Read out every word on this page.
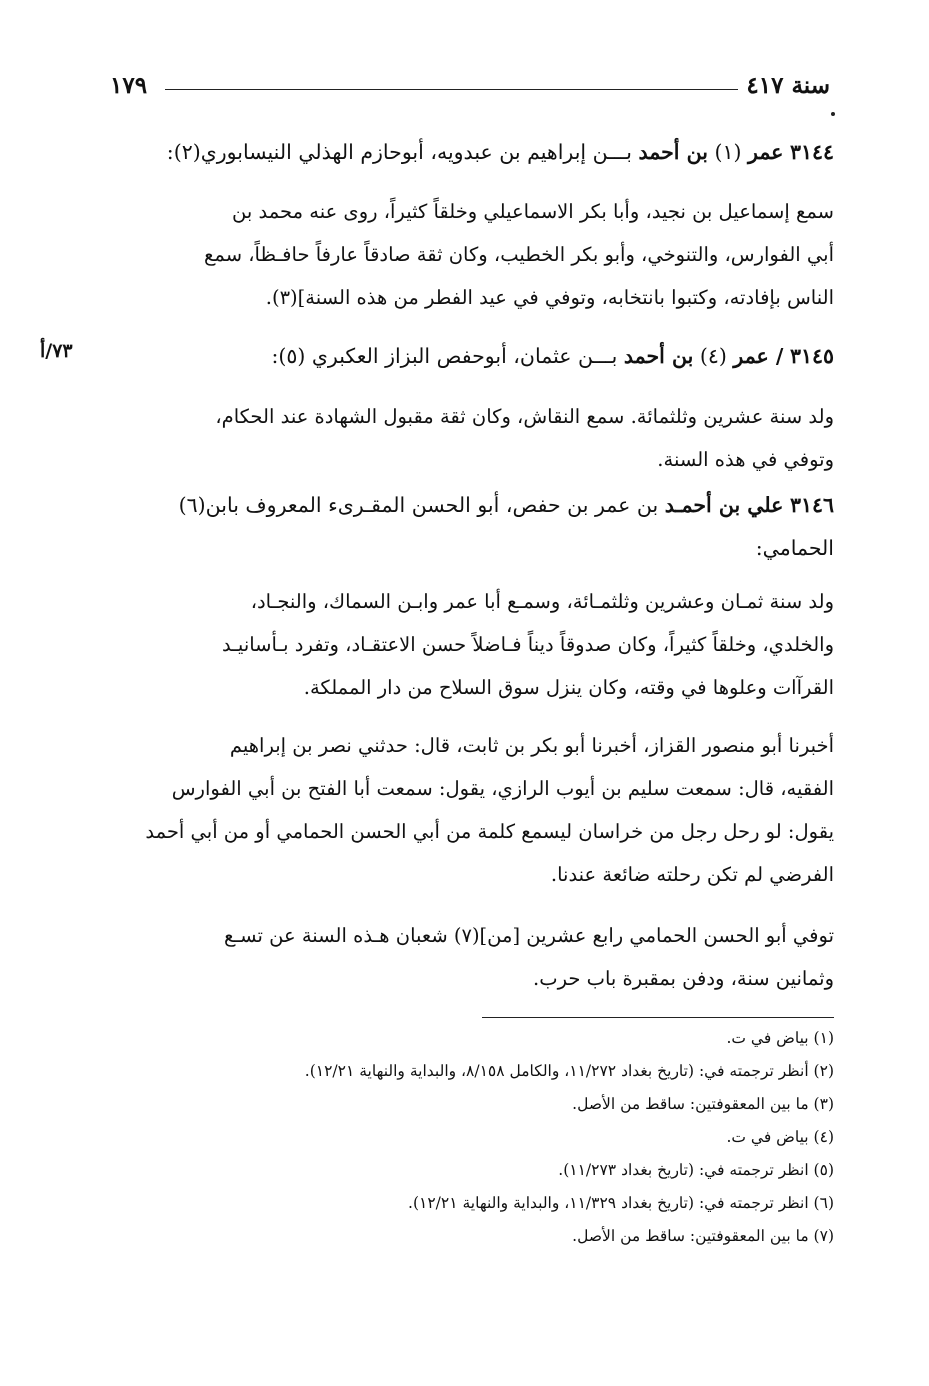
سنة ٤١٧
١٧٩
٣١٤٤ عمر (١) بن أحمد بـــن إبراهيم بن عبدويه، أبوحازم الهذلي النيسابوري(٢):
سمع إسماعيل بن نجيد، وأبا بكر الاسماعيلي وخلقاً كثيراً، روى عنه محمد بن
أبي الفوارس، والتنوخي، وأبو بكر الخطيب، وكان ثقة صادقاً عارفاً حافـظاً، سمع
الناس بإفادته، وكتبوا بانتخابه، وتوفي في عيد الفطر من هذه السنة](٣).
٧٣/أ	٣١٤٥ / عمر (٤) بن أحمد بـــن عثمان، أبوحفص البزاز العكبري (٥):
ولد سنة عشرين وثلثمائة. سمع النقاش، وكان ثقة مقبول الشهادة عند الحكام،
وتوفي في هذه السنة.
٣١٤٦ علي بن أحمـد بن عمر بن حفص، أبو الحسن المقـرىء المعروف بابن(٦)
الحمامي:
ولد سنة ثمـان وعشرين وثلثمـائة، وسمـع أبا عمر وابـن السماك، والنجـاد،
والخلدي، وخلقاً كثيراً، وكان صدوقاً ديناً فـاضلاً حسن الاعتقـاد، وتفرد بـأسانيـد
القرآات وعلوها في وقته، وكان ينزل سوق السلاح من دار المملكة.
أخبرنا أبو منصور القزاز، أخبرنا أبو بكر بن ثابت، قال: حدثني نصر بن إبراهيم
الفقيه، قال: سمعت سليم بن أيوب الرازي، يقول: سمعت أبا الفتح بن أبي الفوارس
يقول: لو رحل رجل من خراسان ليسمع كلمة من أبي الحسن الحمامي أو من أبي أحمد
الفرضي لم تكن رحلته ضائعة عندنا.
توفي أبو الحسن الحمامي رابع عشرين [من](٧) شعبان هـذه السنة عن تسـع
وثمانين سنة، ودفن بمقبرة باب حرب.
(١) بياض في ت.
(٢) أنظر ترجمته في: (تاريخ بغداد ١١/٢٧٢، والكامل ٨/١٥٨، والبداية والنهاية ١٢/٢١).
(٣) ما بين المعقوفتين: ساقط من الأصل.
(٤) بياض في ت.
(٥) انظر ترجمته في: (تاريخ بغداد ١١/٢٧٣).
(٦) انظر ترجمته في: (تاريخ بغداد ١١/٣٢٩، والبداية والنهاية ١٢/٢١).
(٧) ما بين المعقوفتين: ساقط من الأصل.
